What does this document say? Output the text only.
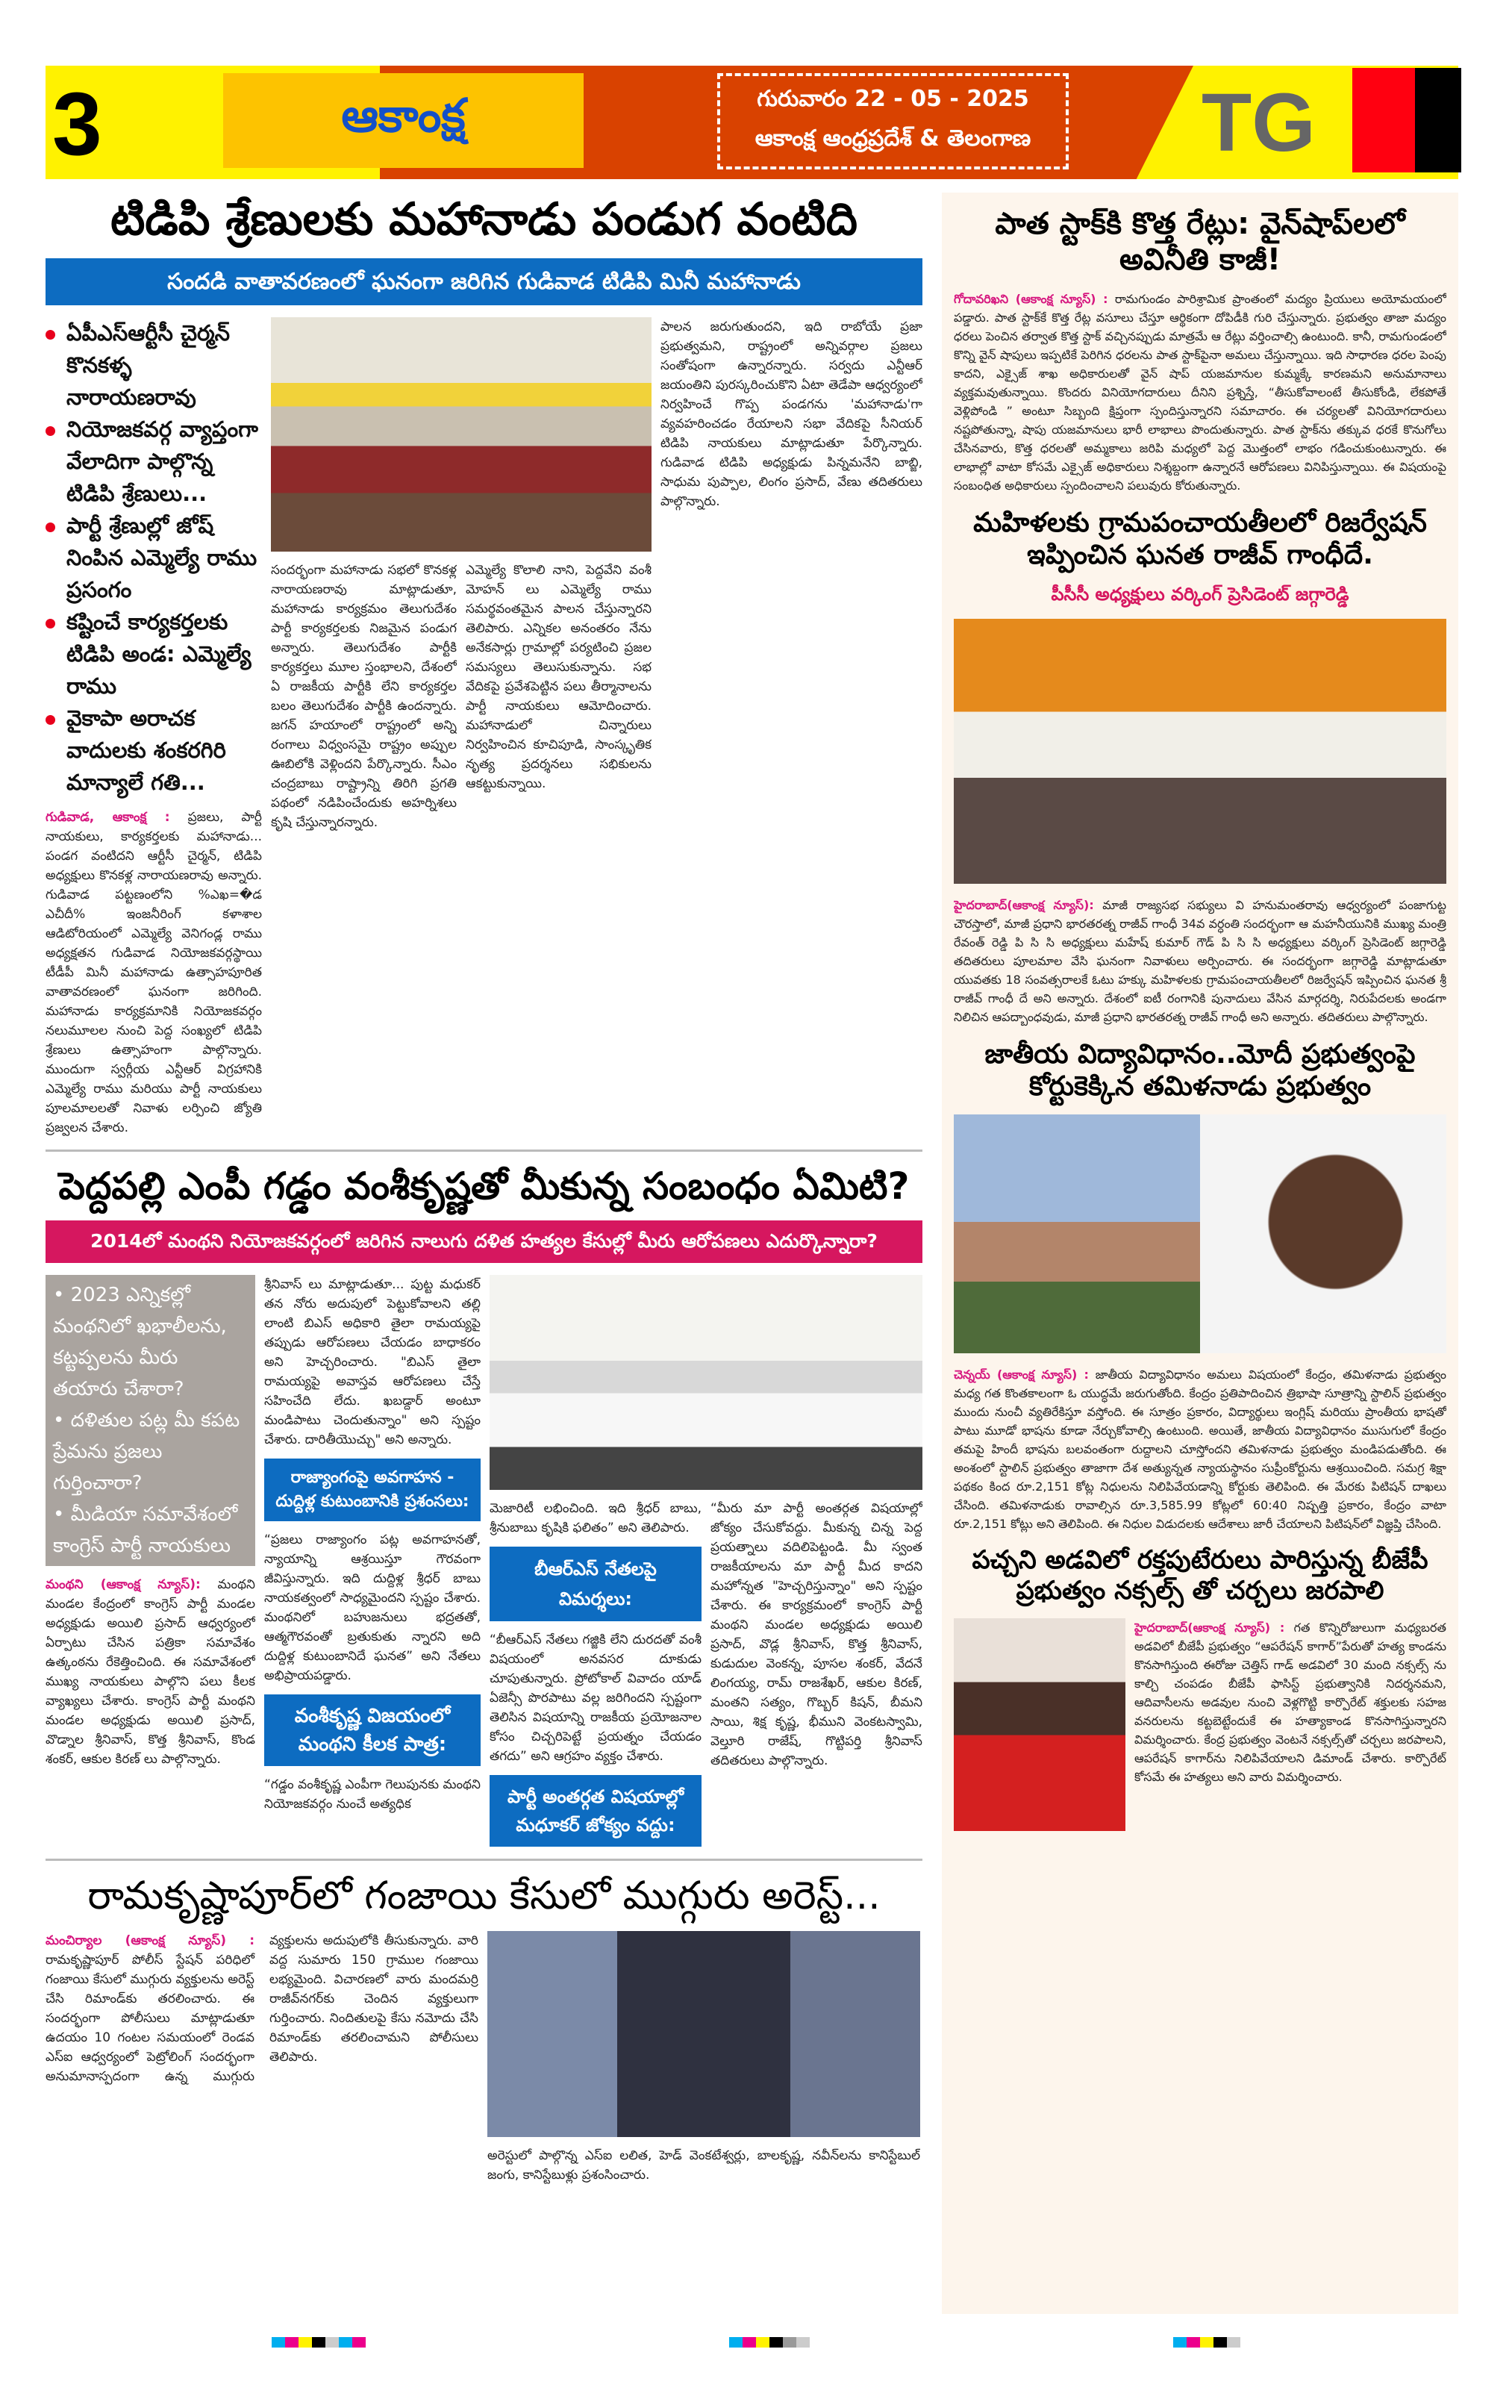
3	ఆకాంక్ష	గురువారం 22 - 05 - 2025
ఆకాంక్ష ఆంధ్రప్రదేశ్ & తెలంగాణ	TG
టిడిపి శ్రేణులకు మహానాడు పండుగ వంటిది
సందడి వాతావరణంలో ఘనంగా జరిగిన గుడివాడ టిడిపి మినీ మహానాడు
ఏపీఎస్ఆర్టీసీ చైర్మన్ కొనకళ్ళ నారాయణరావు
నియోజకవర్గ వ్యాప్తంగా వేలాదిగా పాల్గొన్న టిడిపి శ్రేణులు...
పార్టీ శ్రేణుల్లో జోష్ నింపిన ఎమ్మెల్యే రాము ప్రసంగం
కష్టించే కార్యకర్తలకు టిడిపి అండ: ఎమ్మెల్యే రాము
వైకాపా అరాచక వాదులకు శంకరగిరి మాన్యాలే గతి...
గుడివాడ, ఆకాంక్ష : ప్రజలు, పార్టీ నాయకులు, కార్యకర్తలకు మహానాడు... పండగ వంటిదని ఆర్టీసీ చైర్మన్, టిడిపి అధ్యక్షులు కొనకళ్ల నారాయణరావు అన్నారు. గుడివాడ పట్టణంలోని %ఎఖ=�డ ఎచీదీ% ఇంజనీరింగ్ కళాశాల ఆడిటోరియంలో ఎమ్మెల్యే వెనిగండ్ల రాము అధ్యక్షతన గుడివాడ నియోజకవర్గస్థాయి టీడీపీ మినీ మహానాడు ఉత్సాహపూరిత వాతావరణంలో ఘనంగా జరిగింది. మహానాడు కార్యక్రమానికి నియోజకవర్గం నలుమూలల నుంచి పెద్ద సంఖ్యలో టిడిపి శ్రేణులు ఉత్సాహంగా పాల్గొన్నారు. ముందుగా స్వర్గీయ ఎన్టీఆర్ విగ్రహానికి ఎమ్మెల్యే రాము మరియు పార్టీ నాయకులు పూలమాలలతో నివాళు లర్పించి జ్యోతి ప్రజ్వలన చేశారు.
సందర్భంగా మహానాడు సభలో కొనకళ్ల నారాయణరావు మాట్లాడుతూ, మహానాడు కార్యక్రమం తెలుగుదేశం పార్టీ కార్యకర్తలకు నిజమైన పండుగ అన్నారు. తెలుగుదేశం పార్టీకి కార్యకర్తలు మూల స్తంభాలని, దేశంలో ఏ రాజకీయ పార్టీకి లేని కార్యకర్తల బలం తెలుగుదేశం పార్టీకి ఉందన్నారు. జగన్ హయాంలో రాష్ట్రంలో అన్ని రంగాలు విధ్వంసమై రాష్ట్రం అప్పుల ఊబిలోకి వెళ్లిందని పేర్కొన్నారు. సీఎం చంద్రబాబు రాష్ట్రాన్ని తిరిగి ప్రగతి పథంలో నడిపించేందుకు అహర్నిశలు కృషి చేస్తున్నారన్నారు.
ఎమ్మెల్యే కొలాలి నాని, పెద్దవేని వంశీ మోహన్ లు ఎమ్మెల్యే రాము సమర్థవంతమైన పాలన చేస్తున్నారని తెలిపారు. ఎన్నికల అనంతరం నేను అనేకసార్లు గ్రామాల్లో పర్యటించి ప్రజల సమస్యలు తెలుసుకున్నాను. సభ వేదికపై ప్రవేశపెట్టిన పలు తీర్మానాలను పార్టీ నాయకులు ఆమోదించారు. మహానాడులో చిన్నారులు నిర్వహించిన కూచిపూడి, సాంస్కృతిక నృత్య ప్రదర్శనలు సభికులను ఆకట్టుకున్నాయి.
పాలన జరుగుతుందని, ఇది రాబోయే ప్రజా ప్రభుత్వమని, రాష్ట్రంలో అన్నివర్గాల ప్రజలు సంతోషంగా ఉన్నారన్నారు. సర్వదు ఎన్టీఆర్ జయంతిని పురస్కరించుకొని ఏటా తెడేపా ఆధ్వర్యంలో నిర్వహించే గొప్ప పండగను 'మహానాడు'గా వ్యవహరించడం రేయాలని సభా వేదికపై సీనియర్ టిడిపి నాయకులు మాట్లాడుతూ పేర్కొన్నారు. గుడివాడ టిడిపి అధ్యక్షుడు పిన్నమనేని బాబ్జి, సాధుమ పుప్పాల, లింగం ప్రసాద్, వేణు తదితరులు పాల్గొన్నారు.
పెద్దపల్లి ఎంపీ గడ్డం వంశీకృష్ణతో మీకున్న సంబంధం ఏమిటి?
2014లో మంథని నియోజకవర్గంలో జరిగిన నాలుగు దళిత హత్యల కేసుల్లో మీరు ఆరోపణలు ఎదుర్కొన్నారా?
• 2023 ఎన్నికల్లో మంథనిలో ఖభాలీలను, కట్టప్పలను మీరు తయారు చేశారా?
• దళితుల పట్ల మీ కపట ప్రేమను ప్రజలు గుర్తించారా?
• మీడియా సమావేశంలో కాంగ్రెస్ పార్టీ నాయకులు
మంథని (ఆకాంక్ష న్యూస్): మంథని మండల కేంద్రంలో కాంగ్రెస్ పార్టీ మండల అధ్యక్షుడు అయిలి ప్రసాద్ ఆధ్వర్యంలో ఏర్పాటు చేసిన పత్రికా సమావేశం ఉత్కంఠను రేకెత్తించింది. ఈ సమావేశంలో ముఖ్య నాయకులు పాల్గొని పలు కీలక వ్యాఖ్యలు చేశారు. కాంగ్రెస్ పార్టీ మంథని మండల అధ్యక్షుడు అయిలి ప్రసాద్, వొడ్నాల శ్రీనివాస్, కొత్త శ్రీనివాస్, కొండ శంకర్, ఆకుల కిరణ్ లు పాల్గొన్నారు.
శ్రీనివాస్ లు మాట్లాడుతూ... పుట్ట మధుకర్ తన నోరు అదుపులో పెట్టుకోవాలని తల్లి లాంటి బిఎస్ అధికారి తైలా రామయ్యపై తప్పుడు ఆరోపణలు చేయడం బాధాకరం అని హెచ్చరించారు. "బిఎస్ తైలా రామయ్యపై అవాస్తవ ఆరోపణలు చేస్తే సహించేది లేదు. ఖబడ్దార్ అంటూ మండిపాటు చెందుతున్నాం" అని స్పష్టం చేశారు. దారితీయొచ్చు" అని అన్నారు.
రాజ్యాంగంపై అవగాహన - దుద్దిళ్ల కుటుంబానికి ప్రశంసలు:
“ప్రజలు రాజ్యాంగం పట్ల అవగాహనతో, న్యాయాన్ని ఆశ్రయిస్తూ గౌరవంగా జీవిస్తున్నారు. ఇది దుద్దిళ్ల శ్రీధర్ బాబు నాయకత్వంలో సాధ్యమైందని స్పష్టం చేశారు. మంథనిలో బహుజనులు భద్రతతో, ఆత్మగౌరవంతో బ్రతుకుతు న్నారని అది దుద్దిళ్ల కుటుంబానిదే ఘనత” అని నేతలు అభిప్రాయపడ్డారు.
వంశీకృష్ణ విజయంలో మంథని కీలక పాత్ర:
“గడ్డం వంశీకృష్ణ ఎంపీగా గెలుపునకు మంథని నియోజకవర్గం నుంచే అత్యధిక
మెజారిటీ లభించింది. ఇది శ్రీధర్ బాబు, శ్రీనుబాబు కృషికి ఫలితం” అని తెలిపారు.
బీఆర్ఎస్ నేతలపై విమర్శలు:
“బీఆర్ఎస్ నేతలు గజ్జికి లేని దురదతో వంశీ విషయంలో అనవసర దూకుడు చూపుతున్నారు. ప్రోటోకాల్ వివాదం యాడ్ ఏజెన్సీ పొరపాటు వల్ల జరిగిందని స్పష్టంగా తెలిసిన విషయాన్ని రాజకీయ ప్రయోజనాల కోసం చిచ్చరిపెట్టే ప్రయత్నం చేయడం తగదు” అని ఆగ్రహం వ్యక్తం చేశారు.
పార్టీ అంతర్గత విషయాల్లో మధూకర్ జోక్యం వద్దు:
“మీరు మా పార్టీ అంతర్గత విషయాల్లో జోక్యం చేసుకోవద్దు. మీకున్న చిన్న పెద్ద ప్రయత్నాలు వదిలిపెట్టండి. మీ స్వంత రాజకీయాలను మా పార్టీ మీద కాదని మహోన్నత "హెచ్చరిస్తున్నాం" అని స్పష్టం చేశారు. ఈ కార్యక్రమంలో కాంగ్రెస్ పార్టీ మంథని మండల అధ్యక్షుడు అయిలి ప్రసాద్, వొడ్ల శ్రీనివాస్, కొత్త శ్రీనివాస్, కుడుదుల వెంకన్న, పూసల శంకర్, వేదనే లింగయ్య, రామ్ రాజశేఖర్, ఆకుల కిరణ్, మంతని సత్యం, గొబ్బర్ కిషన్, బీమని సాయి, శిక్ష కృష్ణ, భీముని వెంకటస్వామి, వెల్తూరి రాజేష్, గొట్టిపర్తి శ్రీనివాస్ తదితరులు పాల్గొన్నారు.
రామకృష్ణాపూర్‌లో గంజాయి కేసులో ముగ్గురు అరెస్ట్...
మంచిర్యాల (ఆకాంక్ష న్యూస్) : రామకృష్ణాపూర్ పోలీస్ స్టేషన్ పరిధిలో గంజాయి కేసులో ముగ్గురు వ్యక్తులను అరెస్ట్ చేసి రిమాండ్‌కు తరలించారు. ఈ సందర్భంగా పోలీసులు మాట్లాడుతూ ఉదయం 10 గంటల సమయంలో రెండవ ఎస్ఐ ఆధ్వర్యంలో పెట్రోలింగ్ సందర్భంగా అనుమానాస్పదంగా ఉన్న ముగ్గురు వ్యక్తులను అదుపులోకి తీసుకున్నారు. వారి వద్ద సుమారు 150 గ్రాముల గంజాయి లభ్యమైంది. విచారణలో వారు మందమర్రి రాజీవ్‌నగర్‌కు చెందిన వ్యక్తులుగా గుర్తించారు. నిందితులపై కేసు నమోదు చేసి రిమాండ్‌కు తరలించామని పోలీసులు తెలిపారు.
అరెస్టులో పాల్గొన్న ఎస్ఐ లలిత, హెడ్ వెంకటేశ్వర్లు, బాలకృష్ణ, నవీన్‌లను కానిస్టేబుల్ జంగు, కానిస్టేబుళ్లు ప్రశంసించారు.
పాత స్టాక్‌కి కొత్త రేట్లు: వైన్‌షాప్‌లలో అవినీతి కాజీ!
గోదావరిఖని (ఆకాంక్ష న్యూస్) : రామగుండం పారిశ్రామిక ప్రాంతంలో మద్యం ప్రియులు అయోమయంలో పడ్డారు. పాత స్టాక్‌కే కొత్త రేట్ల వసూలు చేస్తూ ఆర్థికంగా దోపిడీకి గురి చేస్తున్నారు. ప్రభుత్వం తాజా మద్యం ధరలు పెంచిన తర్వాత కొత్త స్టాక్ వచ్చినప్పుడు మాత్రమే ఆ రేట్లు వర్తించాల్సి ఉంటుంది. కానీ, రామగుండంలో కొన్ని వైన్ షాపులు ఇప్పటికే పెరిగిన ధరలను పాత స్టాక్‌పైనా అమలు చేస్తున్నాయి. ఇది సాధారణ ధరల పెంపు కాదని, ఎక్సైజ్ శాఖ అధికారులతో వైన్ షాప్ యజమానుల కుమ్మక్కే కారణమని అనుమానాలు వ్యక్తమవుతున్నాయి. కొందరు వినియోగదారులు దీనిని ప్రశ్నిస్తే, “తీసుకోవాలంటే తీసుకోండి, లేకపోతే వెళ్లిపోండి ” అంటూ సిబ్బంది క్షిప్తంగా స్పందిస్తున్నారని సమాచారం. ఈ చర్యలతో వినియోగదారులు నష్టపోతున్నా, షాపు యజమానులు భారీ లాభాలు పొందుతున్నారు. పాత స్టాక్‌ను తక్కువ ధరకే కొనుగోలు చేసినవారు, కొత్త ధరలతో అమ్మకాలు జరిపి మధ్యలో పెద్ద మొత్తంలో లాభం గడించుకుంటున్నారు. ఈ లాభాల్లో వాటా కోసమే ఎక్సైజ్ అధికారులు నిశ్శబ్దంగా ఉన్నారనే ఆరోపణలు వినిపిస్తున్నాయి. ఈ విషయంపై సంబంధిత అధికారులు స్పందించాలని పలువురు కోరుతున్నారు.
మహిళలకు గ్రామపంచాయతీలలో రిజర్వేషన్ ఇప్పించిన ఘనత రాజీవ్ గాంధీదే.
పీసీసీ అధ్యక్షులు వర్కింగ్ ప్రెసిడెంట్ జగ్గారెడ్డి
హైదరాబాద్(ఆకాంక్ష న్యూస్): మాజీ రాజ్యసభ సభ్యులు వి హనుమంతరావు ఆధ్వర్యంలో పంజాగుట్ట చౌరస్తాలో, మాజీ ప్రధాని భారతరత్న రాజీవ్ గాంధీ 34వ వర్ధంతి సందర్భంగా ఆ మహనీయునికి ముఖ్య మంత్రి రేవంత్ రెడ్డి పి సి సి అధ్యక్షులు మహేష్ కుమార్ గౌడ్ పి సి సి అధ్యక్షులు వర్కింగ్ ప్రెసిడెంట్ జగ్గారెడ్డి తదితరులు పూలమాల వేసి ఘనంగా నివాళులు అర్పించారు. ఈ సందర్భంగా జగ్గారెడ్డి మాట్లాడుతూ యువతకు 18 సంవత్సరాలకే ఓటు హక్కు మహిళలకు గ్రామపంచాయతీలలో రిజర్వేషన్ ఇప్పించిన ఘనత శ్రీ రాజీవ్ గాంధీ దే అని అన్నారు. దేశంలో ఐటీ రంగానికి పునాదులు వేసిన మార్గదర్శి, నిరుపేదలకు అండగా నిలిచిన ఆపద్బాంధవుడు, మాజీ ప్రధాని భారతరత్న రాజీవ్ గాంధీ అని అన్నారు. తదితరులు పాల్గొన్నారు.
జాతీయ విద్యావిధానం..మోదీ ప్రభుత్వంపై కోర్టుకెక్కిన తమిళనాడు ప్రభుత్వం
చెన్నయ్ (ఆకాంక్ష న్యూస్) : జాతీయ విద్యావిధానం అమలు విషయంలో కేంద్రం, తమిళనాడు ప్రభుత్వం మధ్య గత కొంతకాలంగా ఓ యుద్ధమే జరుగుతోంది. కేంద్రం ప్రతిపాదించిన త్రిభాషా సూత్రాన్ని స్టాలిన్ ప్రభుత్వం ముందు నుంచీ వ్యతిరేకిస్తూ వస్తోంది. ఈ సూత్రం ప్రకారం, విద్యార్థులు ఇంగ్లిష్ మరియు ప్రాంతీయ భాషతో పాటు మూడో భాషను కూడా నేర్చుకోవాల్సి ఉంటుంది. అయితే, జాతీయ విద్యావిధానం ముసుగులో కేంద్రం తమపై హిందీ భాషను బలవంతంగా రుద్దాలని చూస్తోందని తమిళనాడు ప్రభుత్వం మండిపడుతోంది. ఈ అంశంలో స్టాలిన్ ప్రభుత్వం తాజాగా దేశ అత్యున్నత న్యాయస్థానం సుప్రీంకోర్టును ఆశ్రయించింది. సమగ్ర శిక్షా పథకం కింద రూ.2,151 కోట్ల నిధులను నిలిపివేయడాన్ని కోర్టుకు తెలిపింది. ఈ మేరకు పిటిషన్ దాఖలు చేసింది. తమిళనాడుకు రావాల్సిన రూ.3,585.99 కోట్లలో 60:40 నిష్పత్తి ప్రకారం, కేంద్రం వాటా రూ.2,151 కోట్లు అని తెలిపింది. ఈ నిధుల విడుదలకు ఆదేశాలు జారీ చేయాలని పిటిషన్‌లో విజ్ఞప్తి చేసింది.
పచ్చని అడవిలో రక్తపుటేరులు పారిస్తున్న బీజేపీ ప్రభుత్వం నక్సల్స్ తో చర్చలు జరపాలి
హైదరాబాద్(ఆకాంక్ష న్యూస్) : గత కొన్నిరోజులుగా మధ్యబరత అడవిలో బీజేపీ ప్రభుత్వం “ఆపరేషన్ కాగార్”పేరుతో హత్య కాండను కొనసాగిస్తుంది ఈరోజు చెత్తిస్ గాడ్ అడవిలో 30 మంది నక్సల్స్ ను కాల్చి చంపడం బీజేపీ ఫాసిస్ట్ ప్రభుత్వానికి నిదర్శనమని, ఆదివాసీలను అడవుల నుంచి వెళ్లగొట్టి కార్పొరేట్ శక్తులకు సహజ వనరులను కట్టబెట్టేందుకే ఈ హత్యాకాండ కొనసాగిస్తున్నారని విమర్శించారు. కేంద్ర ప్రభుత్వం వెంటనే నక్సల్స్‌తో చర్చలు జరపాలని, ఆపరేషన్ కాగార్‌ను నిలిపివేయాలని డిమాండ్ చేశారు. కార్పొరేట్ కోసమే ఈ హత్యలు అని వారు విమర్శించారు.
